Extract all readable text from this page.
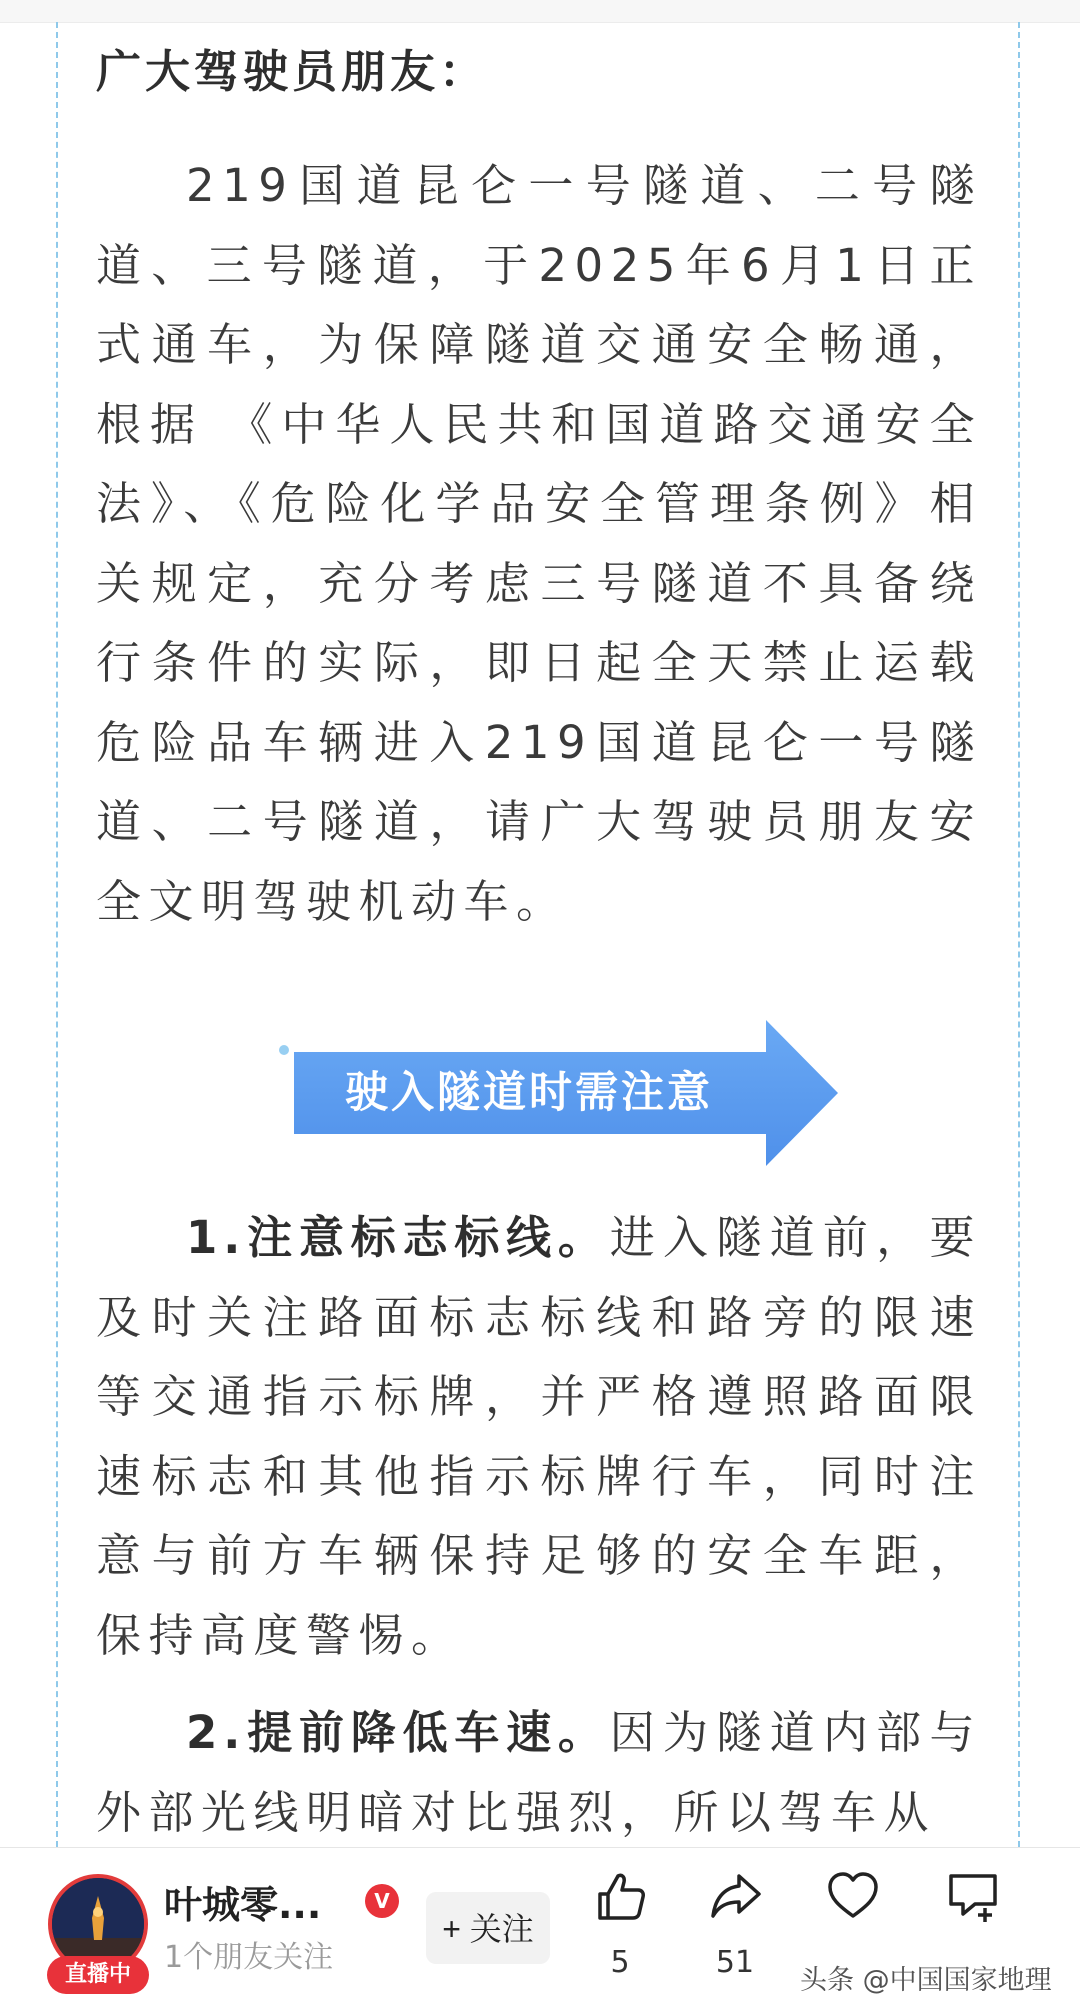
广大驾驶员朋友：

219国道昆仑一号隧道、二号隧道、三号隧道，于2025年6月1日正式通车，为保障隧道交通安全畅通，根据 《中华人民共和国道路交通安全法》、《危险化学品安全管理条例》相关规定，充分考虑三号隧道不具备绕行条件的实际，即日起全天禁止运载危险品车辆进入219国道昆仑一号隧道、二号隧道，请广大驾驶员朋友安全文明驾驶机动车。

驶入隧道时需注意

1.注意标志标线。进入隧道前，要及时关注路面标志标线和路旁的限速等交通指示标牌，并严格遵照路面限速标志和其他指示标牌行车，同时注意与前方车辆保持足够的安全车距，保持高度警惕。

2.提前降低车速。因为隧道内部与外部光线明暗对比强烈，所以驾车从

直播中
叶城零...	V
1个朋友关注
+ 关注
5	51
头条 @中国国家地理
